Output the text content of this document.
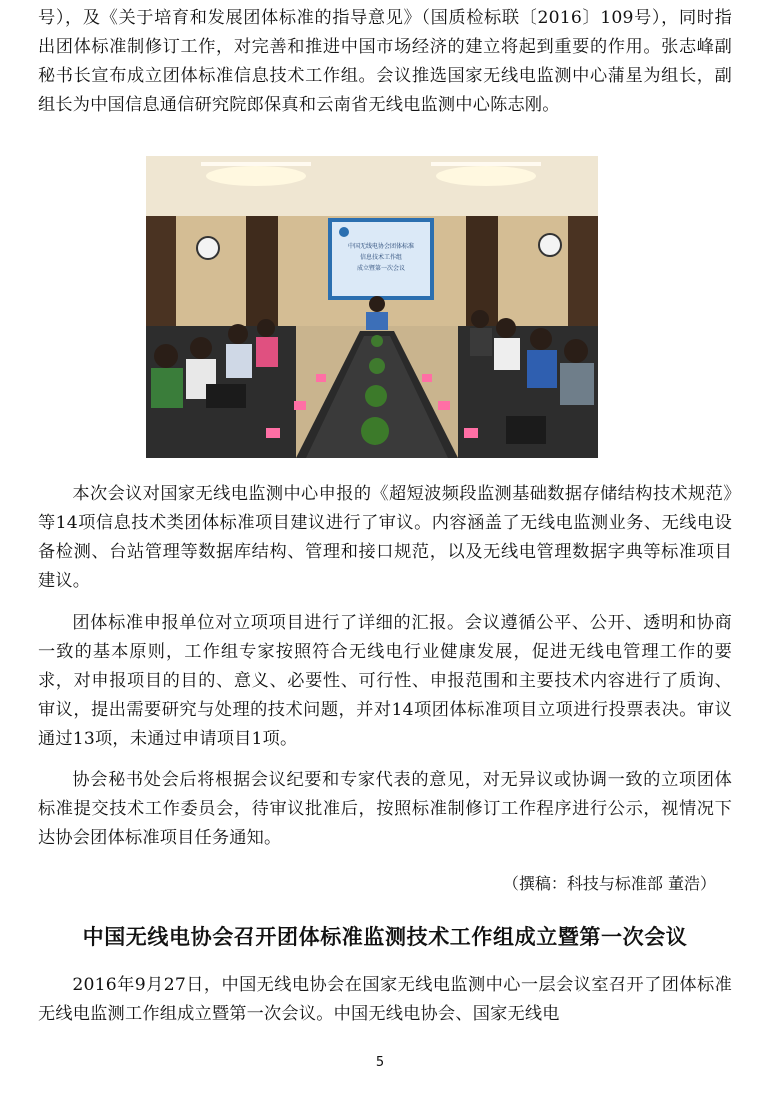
号），及《关于培育和发展团体标准的指导意见》（国质检标联〔2016〕109号），同时指出团体标准制修订工作，对完善和推进中国市场经济的建立将起到重要的作用。张志峰副秘书长宣布成立团体标准信息技术工作组。会议推选国家无线电监测中心蒲星为组长，副组长为中国信息通信研究院郎保真和云南省无线电监测中心陈志刚。

中国无线电协会团体标准
信息技术工作组
成立暨第一次会议

本次会议对国家无线电监测中心申报的《超短波频段监测基础数据存储结构技术规范》等14项信息技术类团体标准项目建议进行了审议。内容涵盖了无线电监测业务、无线电设备检测、台站管理等数据库结构、管理和接口规范，以及无线电管理数据字典等标准项目建议。

团体标准申报单位对立项项目进行了详细的汇报。会议遵循公平、公开、透明和协商一致的基本原则，工作组专家按照符合无线电行业健康发展，促进无线电管理工作的要求，对申报项目的目的、意义、必要性、可行性、申报范围和主要技术内容进行了质询、审议，提出需要研究与处理的技术问题，并对14项团体标准项目立项进行投票表决。审议通过13项，未通过申请项目1项。

协会秘书处会后将根据会议纪要和专家代表的意见，对无异议或协调一致的立项团体标准提交技术工作委员会，待审议批准后，按照标准制修订工作程序进行公示，视情况下达协会团体标准项目任务通知。

（撰稿：科技与标准部 董浩）
中国无线电协会召开团体标准监测技术工作组成立暨第一次会议

2016年9月27日，中国无线电协会在国家无线电监测中心一层会议室召开了团体标准无线电监测工作组成立暨第一次会议。中国无线电协会、国家无线电

5
